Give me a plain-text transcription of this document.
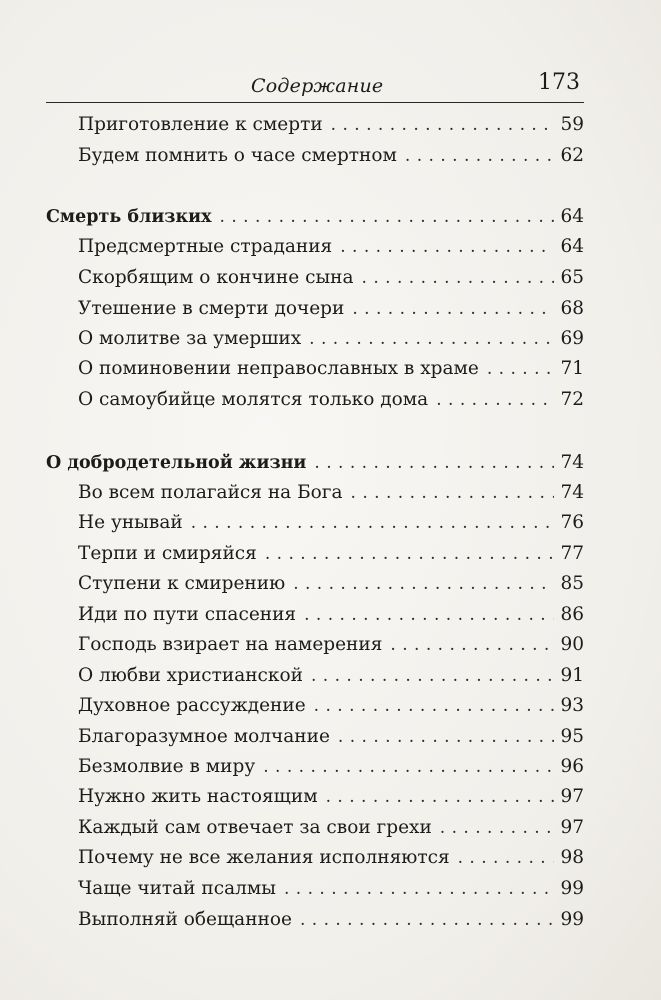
Содержание	173
Приготовление к смерти . . .	59
Будем помнить о часе смертном . . .	62
Смерть близких . . .	64
Предсмертные страдания . . .	64
Скорбящим о кончине сына . . .	65
Утешение в смерти дочери . . .	68
О молитве за умерших . . .	69
О поминовении неправославных в храме . . .	71
О самоубийце молятся только дома . . .	72
О добродетельной жизни . . .	74
Во всем полагайся на Бога . . .	74
Не унывай . . .	76
Терпи и смиряйся . . .	77
Ступени к смирению . . .	85
Иди по пути спасения . . .	86
Господь взирает на намерения . . .	90
О любви христианской . . .	91
Духовное рассуждение . . .	93
Благоразумное молчание . . .	95
Безмолвие в миру . . .	96
Нужно жить настоящим . . .	97
Каждый сам отвечает за свои грехи . . .	97
Почему не все желания исполняются . . .	98
Чаще читай псалмы . . .	99
Выполняй обещанное . . .	99
